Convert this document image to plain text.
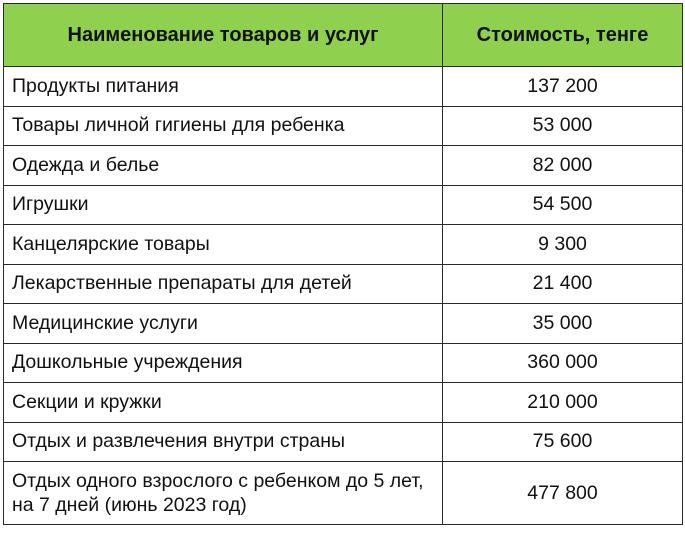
Наименование товаров и услуг	Стоимость, тенге
Продукты питания	137 200
Товары личной гигиены для ребенка	53 000
Одежда и белье	82 000
Игрушки	54 500
Канцелярские товары	9 300
Лекарственные препараты для детей	21 400
Медицинские услуги	35 000
Дошкольные учреждения	360 000
Секции и кружки	210 000
Отдых и развлечения внутри страны	75 600
Отдых одного взрослого с ребенком до 5 лет, на 7 дней (июнь 2023 год)	477 800
